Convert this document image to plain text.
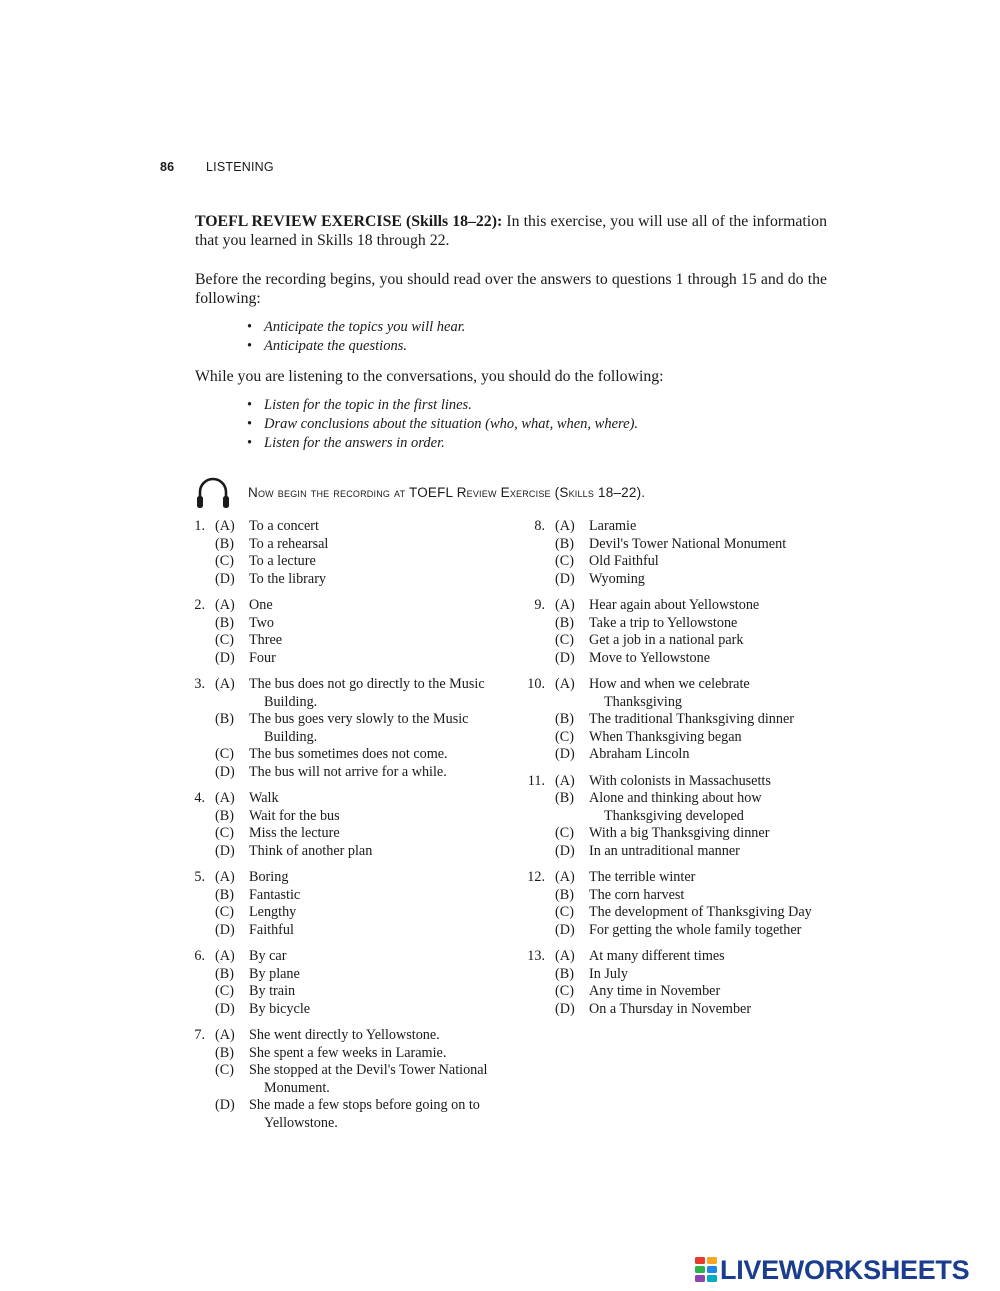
86	LISTENING
TOEFL REVIEW EXERCISE (Skills 18–22): In this exercise, you will use all of the information that you learned in Skills 18 through 22.
Before the recording begins, you should read over the answers to questions 1 through 15 and do the following:
• Anticipate the topics you will hear.
• Anticipate the questions.
While you are listening to the conversations, you should do the following:
• Listen for the topic in the first lines.
• Draw conclusions about the situation (who, what, when, where).
• Listen for the answers in order.
Now begin the recording at TOEFL Review Exercise (Skills 18–22).
1. (A)	To a concert
(B)	To a rehearsal
(C)	To a lecture
(D)	To the library
2. (A)	One
(B)	Two
(C)	Three
(D)	Four
3. (A)	The bus does not go directly to the Music Building.
(B)	The bus goes very slowly to the Music Building.
(C)	The bus sometimes does not come.
(D)	The bus will not arrive for a while.
4. (A)	Walk
(B)	Wait for the bus
(C)	Miss the lecture
(D)	Think of another plan
5. (A)	Boring
(B)	Fantastic
(C)	Lengthy
(D)	Faithful
6. (A)	By car
(B)	By plane
(C)	By train
(D)	By bicycle
7. (A)	She went directly to Yellowstone.
(B)	She spent a few weeks in Laramie.
(C)	She stopped at the Devil's Tower National Monument.
(D)	She made a few stops before going on to Yellowstone.
8. (A)	Laramie
(B)	Devil's Tower National Monument
(C)	Old Faithful
(D)	Wyoming
9. (A)	Hear again about Yellowstone
(B)	Take a trip to Yellowstone
(C)	Get a job in a national park
(D)	Move to Yellowstone
10. (A)	How and when we celebrate Thanksgiving
(B)	The traditional Thanksgiving dinner
(C)	When Thanksgiving began
(D)	Abraham Lincoln
11. (A)	With colonists in Massachusetts
(B)	Alone and thinking about how Thanksgiving developed
(C)	With a big Thanksgiving dinner
(D)	In an untraditional manner
12. (A)	The terrible winter
(B)	The corn harvest
(C)	The development of Thanksgiving Day
(D)	For getting the whole family together
13. (A)	At many different times
(B)	In July
(C)	Any time in November
(D)	On a Thursday in November
LIVEWORKSHEETS
